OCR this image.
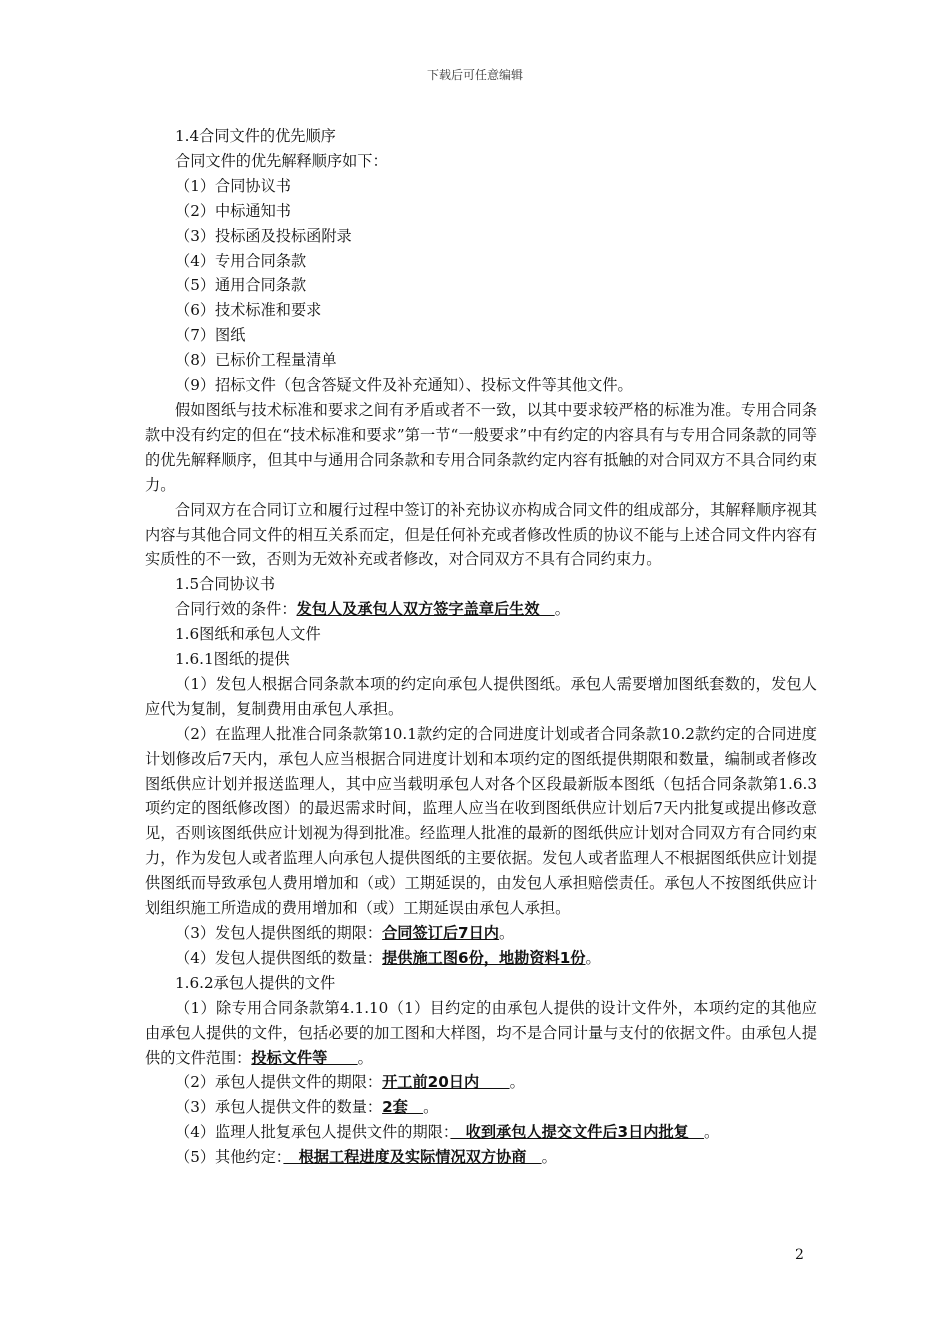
下载后可任意编辑

1.4合同文件的优先顺序

合同文件的优先解释顺序如下：

（1）合同协议书

（2）中标通知书

（3）投标函及投标函附录

（4）专用合同条款

（5）通用合同条款

（6）技术标准和要求

（7）图纸

（8）已标价工程量清单

（9）招标文件（包含答疑文件及补充通知）、投标文件等其他文件。

假如图纸与技术标准和要求之间有矛盾或者不一致，以其中要求较严格的标准为准。专用合同条款中没有约定的但在“技术标准和要求”第一节“一般要求”中有约定的内容具有与专用合同条款的同等的优先解释顺序，但其中与通用合同条款和专用合同条款约定内容有抵触的对合同双方不具合同约束力。

合同双方在合同订立和履行过程中签订的补充协议亦构成合同文件的组成部分，其解释顺序视其内容与其他合同文件的相互关系而定，但是任何补充或者修改性质的协议不能与上述合同文件内容有实质性的不一致，否则为无效补充或者修改，对合同双方不具有合同约束力。

1.5合同协议书

合同行效的条件：发包人及承包人双方签字盖章后生效　。

1.6图纸和承包人文件

1.6.1图纸的提供

（1）发包人根据合同条款本项的约定向承包人提供图纸。承包人需要增加图纸套数的，发包人应代为复制，复制费用由承包人承担。

（2）在监理人批准合同条款第10.1款约定的合同进度计划或者合同条款10.2款约定的合同进度计划修改后7天内，承包人应当根据合同进度计划和本项约定的图纸提供期限和数量，编制或者修改图纸供应计划并报送监理人，其中应当载明承包人对各个区段最新版本图纸（包括合同条款第1.6.3项约定的图纸修改图）的最迟需求时间，监理人应当在收到图纸供应计划后7天内批复或提出修改意见，否则该图纸供应计划视为得到批准。经监理人批准的最新的图纸供应计划对合同双方有合同约束力，作为发包人或者监理人向承包人提供图纸的主要依据。发包人或者监理人不根据图纸供应计划提供图纸而导致承包人费用增加和（或）工期延误的，由发包人承担赔偿责任。承包人不按图纸供应计划组织施工所造成的费用增加和（或）工期延误由承包人承担。

（3）发包人提供图纸的期限：合同签订后7日内。

（4）发包人提供图纸的数量：提供施工图6份，地勘资料1份。

1.6.2承包人提供的文件

（1）除专用合同条款第4.1.10（1）目约定的由承包人提供的设计文件外，本项约定的其他应由承包人提供的文件，包括必要的加工图和大样图，均不是合同计量与支付的依据文件。由承包人提供的文件范围：投标文件等　　。

（2）承包人提供文件的期限：开工前20日内　　。

（3）承包人提供文件的数量：2套　。

（4）监理人批复承包人提供文件的期限：　收到承包人提交文件后3日内批复　。

（5）其他约定：　根据工程进度及实际情况双方协商　。

2
